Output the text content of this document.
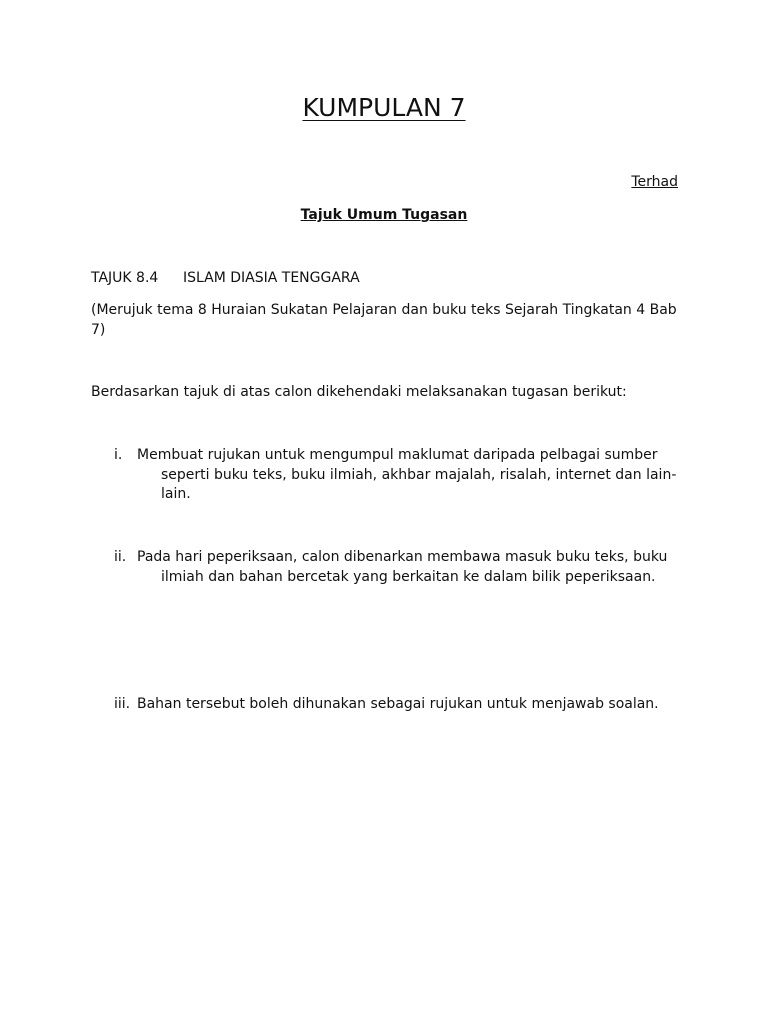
KUMPULAN 7
Terhad
Tajuk Umum Tugasan
TAJUK 8.4 ISLAM DIASIA TENGGARA
(Merujuk tema 8 Huraian Sukatan Pelajaran dan buku teks Sejarah Tingkatan 4 Bab 7)
Berdasarkan tajuk di atas calon dikehendaki melaksanakan tugasan berikut:
i. Membuat rujukan untuk mengumpul maklumat daripada pelbagai sumber
seperti buku teks, buku ilmiah, akhbar majalah, risalah, internet dan lain-
lain.
ii. Pada hari peperiksaan, calon dibenarkan membawa masuk buku teks, buku
ilmiah dan bahan bercetak yang berkaitan ke dalam bilik peperiksaan.
iii. Bahan tersebut boleh dihunakan sebagai rujukan untuk menjawab soalan.
